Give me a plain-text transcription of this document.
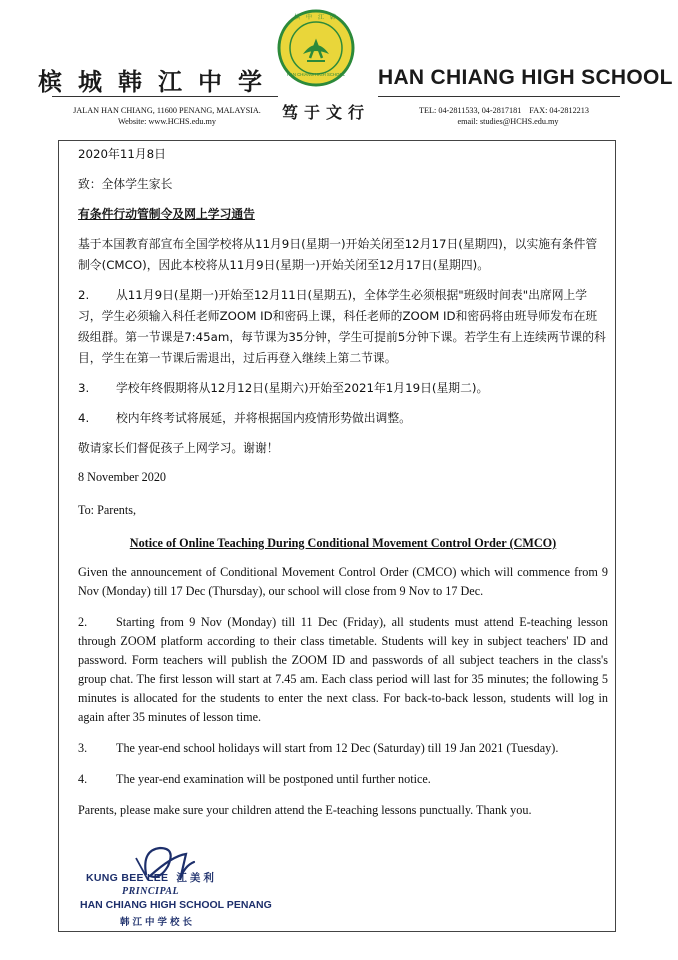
槟城韩江中学
槟 中 江 韩
HAN CHIANG HIGH SCHOOL HAN CHIANG HIGH SCHOOL
笃于文行
JALAN HAN CHIANG, 11600 PENANG, MALAYSIA.
Website: www.HCHS.edu.my
TEL: 04-2811533, 04-2817181 FAX: 04-2812213
email: studies@HCHS.edu.my
2020年11月8日
致：全体学生家长
有条件行动管制令及网上学习通告
基于本国教育部宣布全国学校将从11月9日(星期一)开始关闭至12月17日(星期四)，以实施有条件管制令(CMCO)，因此本校将从11月9日(星期一)开始关闭至12月17日(星期四)。
2. 从11月9日(星期一)开始至12月11日(星期五)，全体学生必须根据"班级时间表"出席网上学习，学生必须输入科任老师ZOOM ID和密码上课，科任老师的ZOOM ID和密码将由班导师发布在班级组群。第一节课是7:45am，每节课为35分钟，学生可提前5分钟下课。若学生有上连续两节课的科目，学生在第一节课后需退出，过后再登入继续上第二节课。
3. 学校年终假期将从12月12日(星期六)开始至2021年1月19日(星期二)。
4. 校内年终考试将展延，并将根据国内疫情形势做出调整。
敬请家长们督促孩子上网学习。谢谢！
8 November 2020
To: Parents,
Notice of Online Teaching During Conditional Movement Control Order (CMCO)
Given the announcement of Conditional Movement Control Order (CMCO) which will commence from 9 Nov (Monday) till 17 Dec (Thursday), our school will close from 9 Nov to 17 Dec.
2. Starting from 9 Nov (Monday) till 11 Dec (Friday), all students must attend E-teaching lesson through ZOOM platform according to their class timetable. Students will key in subject teachers' ID and password. Form teachers will publish the ZOOM ID and passwords of all subject teachers in the class's group chat. The first lesson will start at 7.45 am. Each class period will last for 35 minutes; the following 5 minutes is allocated for the students to enter the next class. For back-to-back lesson, students will log in again after 35 minutes of lesson time.
3. The year-end school holidays will start from 12 Dec (Saturday) till 19 Jan 2021 (Tuesday).
4. The year-end examination will be postponed until further notice.
Parents, please make sure your children attend the E-teaching lessons punctually. Thank you.
KUNG BEE LEE 江美利
PRINCIPAL
HAN CHIANG HIGH SCHOOL PENANG
韩江中学校长
